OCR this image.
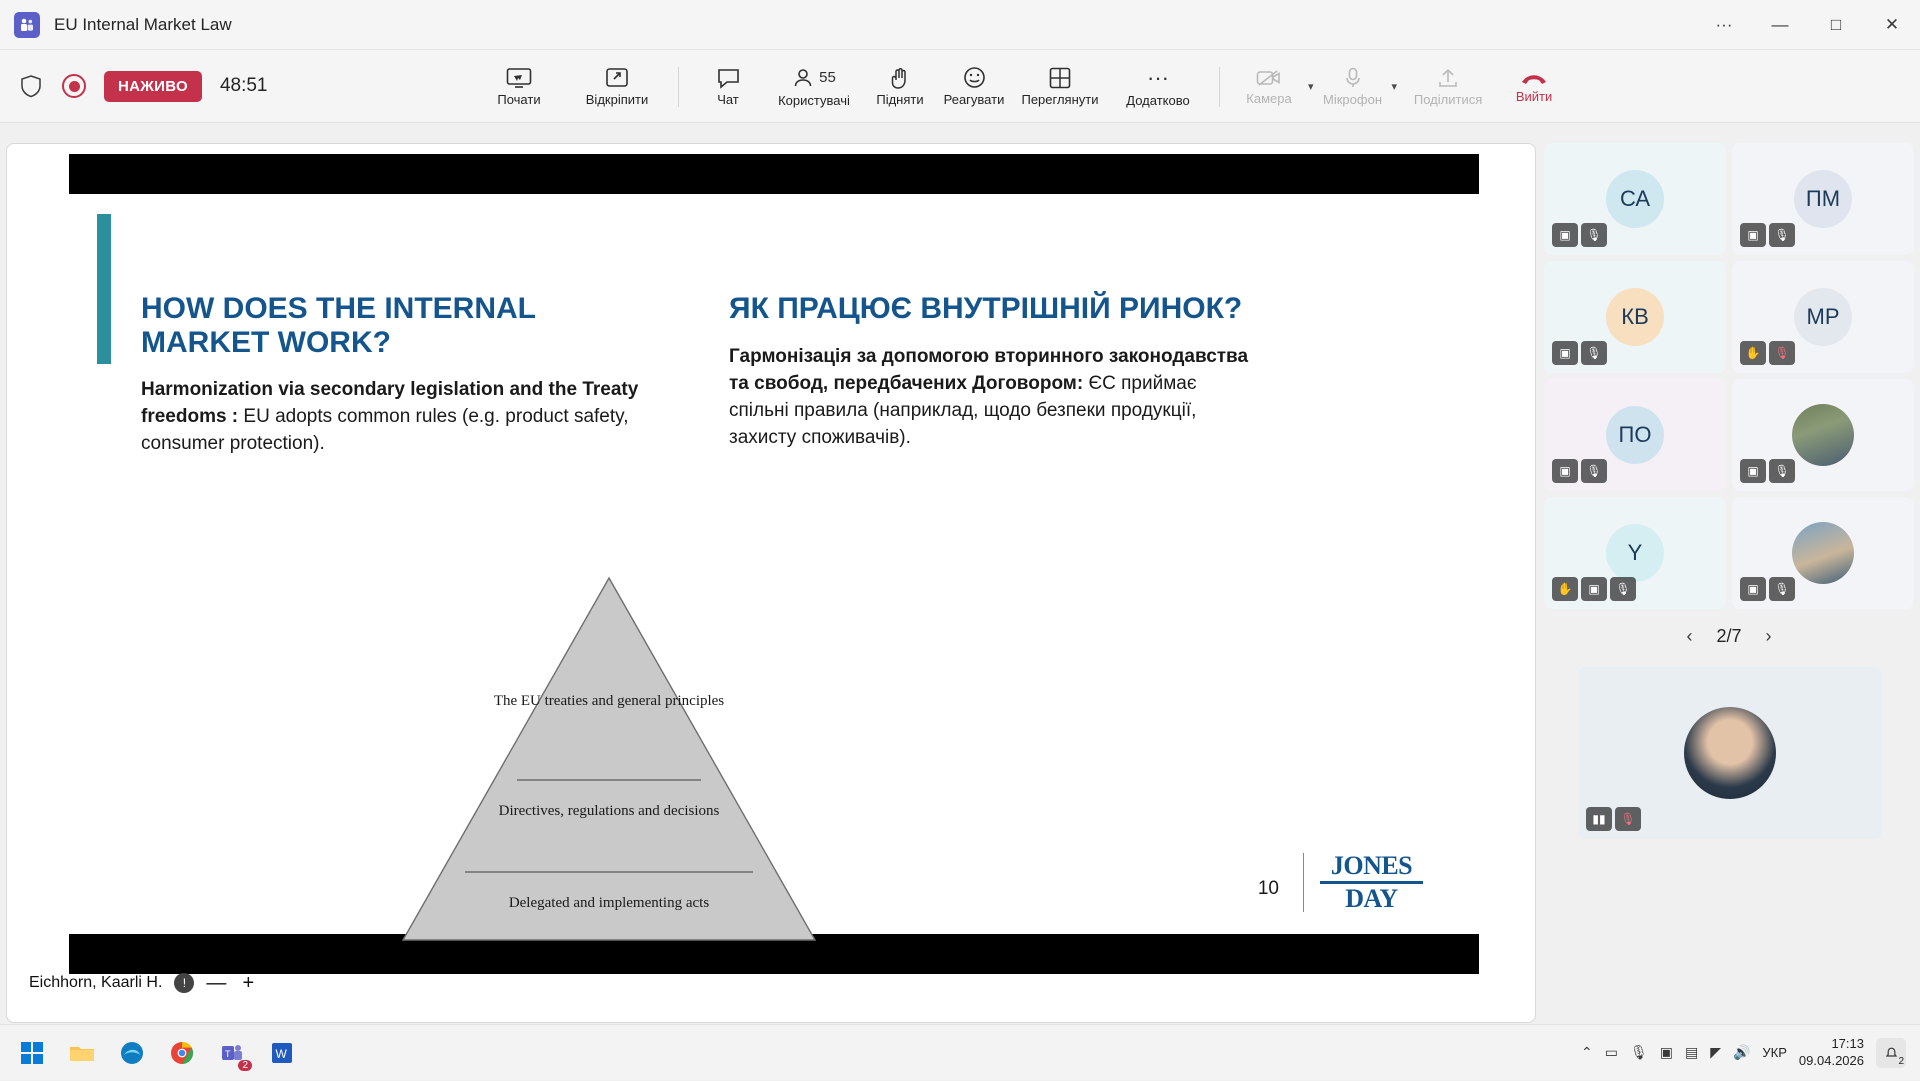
EU Internal Market Law	···	—	□	✕
НАЖИВО	48:51
Почати	Відкріпити	Чат
55
Користувачі Підняти Реагувати Переглянути
···
Додатково	Камера
▾
Мікрофон
▾
Поділитися	Вийти
HOW DOES THE INTERNAL MARKET WORK?
Harmonization via secondary legislation and the Treaty freedoms : EU adopts common rules (e.g. product safety, consumer protection).
ЯК ПРАЦЮЄ ВНУТРІШНІЙ РИНОК?
Гармонізація за допомогою вторинного законодавства та свобод, передбачених Договором: ЄС приймає спільні правила (наприклад, щодо безпеки продукції, захисту споживачів).
The EU treaties and general principles
Directives, regulations and decisions
Delegated and implementing acts
10
JONES
DAY
Eichhorn, Kaarli H.	!	— +
СА
▣	🎙
ПМ
▣	🎙
КВ
▣	🎙
МР
✋	🎙
ПО
▣	🎙	▣	🎙
Y
✋	▣	🎙	▣	🎙
‹ 2/7 ›
▮▮	🎙
T
2
W	⌃ ▭ 🎙 ▣ ▤ ◤ 🔊 УКР
17:13
09.04.2026	2
